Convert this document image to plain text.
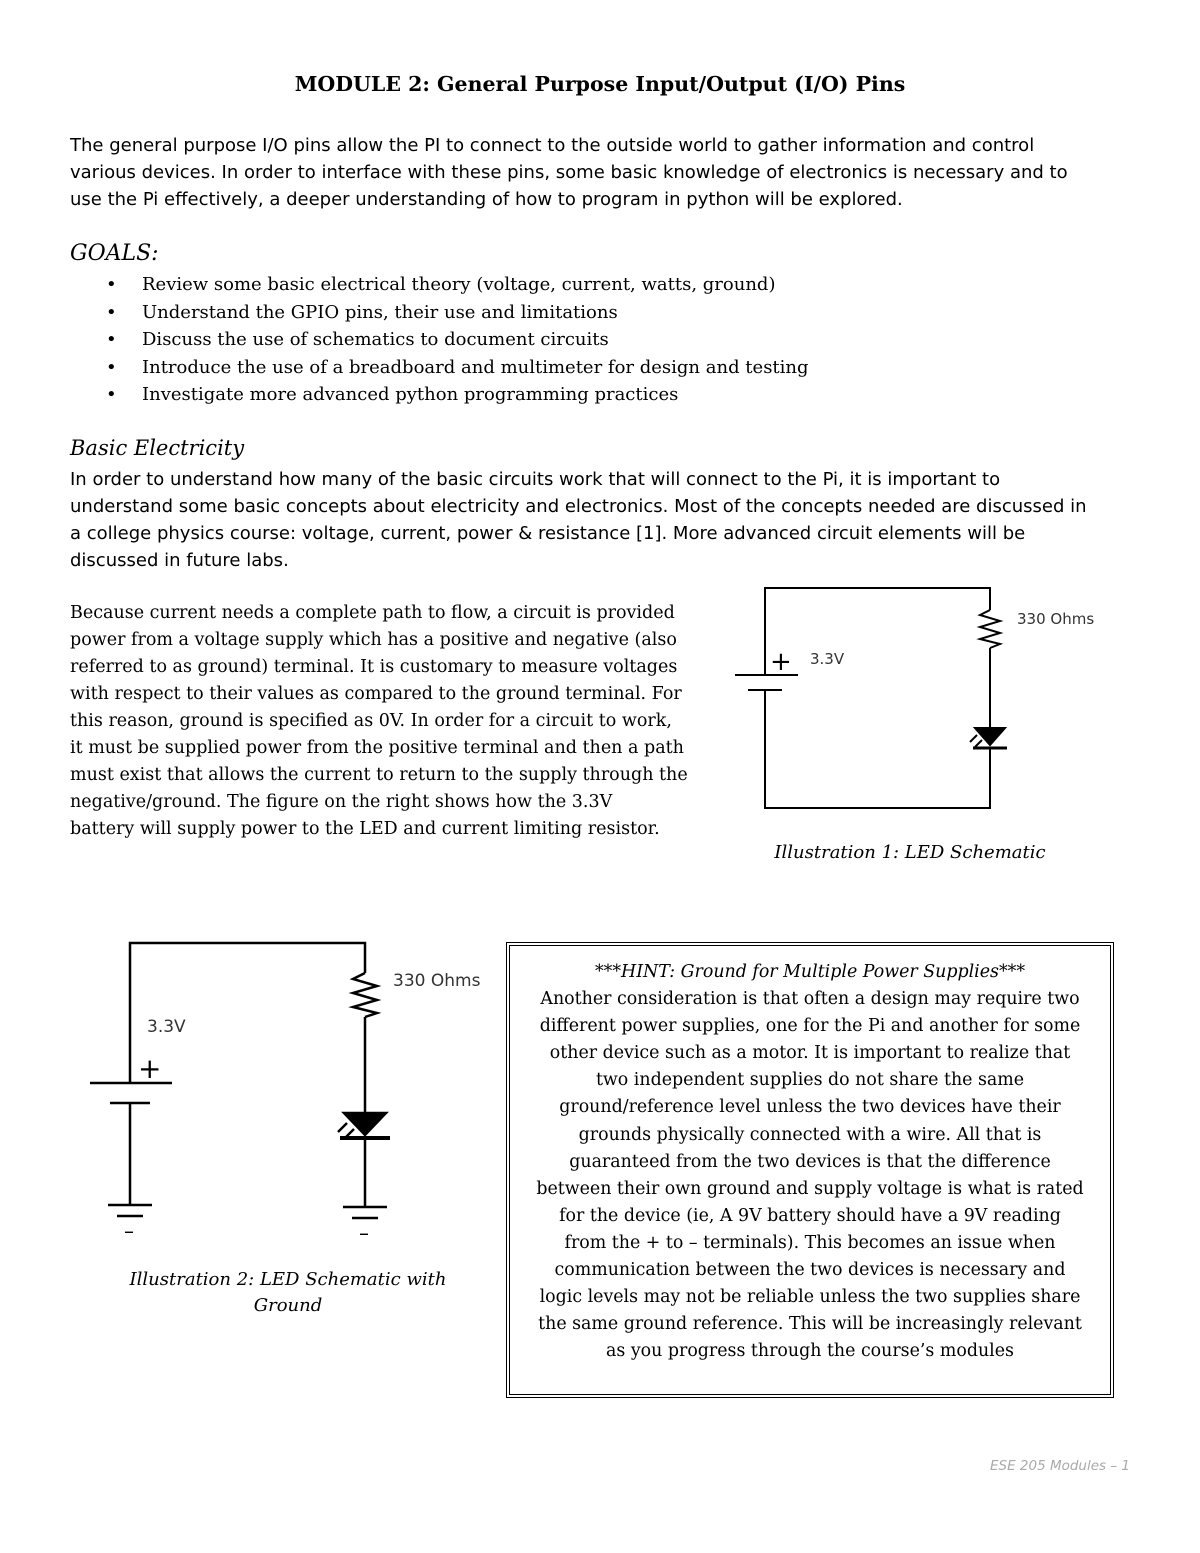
MODULE 2: General Purpose Input/Output (I/O) Pins
The general purpose I/O pins allow the PI to connect to the outside world to gather information and control
various devices. In order to interface with these pins, some basic knowledge of electronics is necessary and to
use the Pi effectively, a deeper understanding of how to program in python will be explored.
GOALS:
• Review some basic electrical theory (voltage, current, watts, ground)
• Understand the GPIO pins, their use and limitations
• Discuss the use of schematics to document circuits
• Introduce the use of a breadboard and multimeter for design and testing
• Investigate more advanced python programming practices
Basic Electricity
In order to understand how many of the basic circuits work that will connect to the Pi, it is important to
understand some basic concepts about electricity and electronics. Most of the concepts needed are discussed in
a college physics course: voltage, current, power & resistance [1]. More advanced circuit elements will be
discussed in future labs.
Because current needs a complete path to flow, a circuit is provided
power from a voltage supply which has a positive and negative (also
referred to as ground) terminal. It is customary to measure voltages
with respect to their values as compared to the ground terminal. For
this reason, ground is specified as 0V. In order for a circuit to work,
it must be supplied power from the positive terminal and then a path
must exist that allows the current to return to the supply through the
negative/ground. The figure on the right shows how the 3.3V
battery will supply power to the LED and current limiting resistor.
+ 3.3V
330 Ohms
Illustration 1: LED Schematic
–	–
+
3.3V
330 Ohms
Illustration 2: LED Schematic with
Ground
***HINT: Ground for Multiple Power Supplies***
Another consideration is that often a design may require two
different power supplies, one for the Pi and another for some
other device such as a motor. It is important to realize that
two independent supplies do not share the same
ground/reference level unless the two devices have their
grounds physically connected with a wire. All that is
guaranteed from the two devices is that the difference
between their own ground and supply voltage is what is rated
for the device (ie, A 9V battery should have a 9V reading
from the + to – terminals). This becomes an issue when
communication between the two devices is necessary and
logic levels may not be reliable unless the two supplies share
the same ground reference. This will be increasingly relevant
as you progress through the course’s modules
ESE 205 Modules – 1
